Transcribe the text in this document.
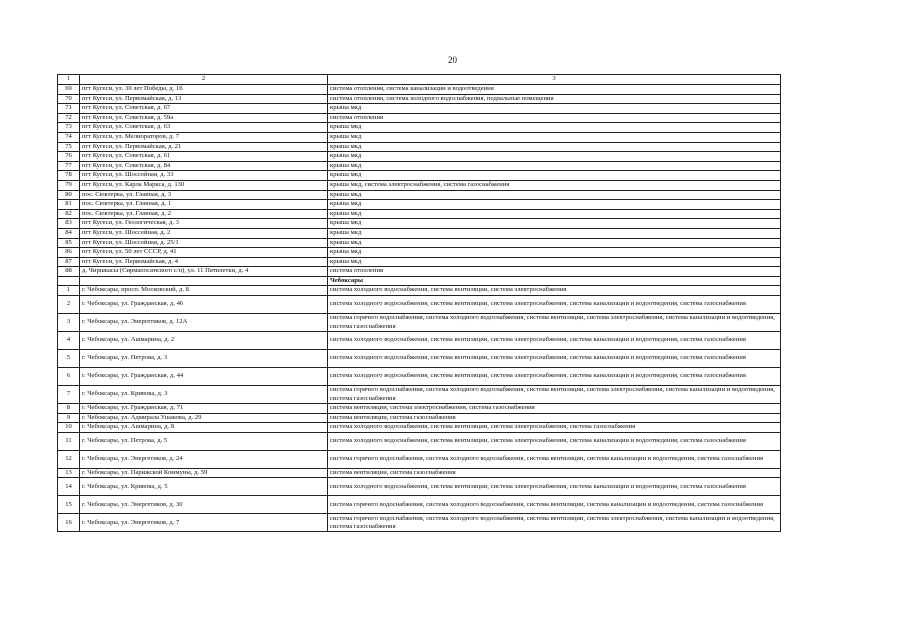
20
1	2	3
69	пгт Кугеси, ул. 30 лет Победы, д. 1б	система отопления, система канализации и водоотведения
70	пгт Кугеси, ул. Первомайская, д. 13	система отопления, система холодного водоснабжения, подвальные помещения
71	пгт Кугеси, ул. Советская, д. 67	крыша мкд
72	пгт Кугеси, ул. Советская, д. 59а	система отопления
73	пгт Кугеси, ул. Советская, д. 63	крыша мкд
74	пгт Кугеси, ул. Мелиораторов, д. 7	крыша мкд
75	пгт Кугеси, ул. Первомайская, д. 21	крыша мкд
76	пгт Кугеси, ул. Советская, д. 61	крыша мкд
77	пгт Кугеси, ул. Советская, д. 84	крыша мкд
78	пгт Кугеси, ул. Шоссейная, д. 33	крыша мкд
79	пгт Кугеси, ул. Карла Маркса, д. 130	крыша мкд, система электроснабжения, система газоснабжения
80	пос. Сюктерка, ул. Главная, д. 3	крыша мкд
81	пос. Сюктерка, ул. Главная, д. 1	крыша мкд
82	пос. Сюктерка, ул. Главная, д. 2	крыша мкд
83	пгт Кугеси, ул. Геологическая, д. 3	крыша мкд
84	пгт Кугеси, ул. Шоссейная, д. 2	крыша мкд
85	пгт Кугеси, ул. Шоссейная, д. 25/1	крыша мкд
86	пгт Кугеси, ул. 50 лет СССР, д. 41	крыша мкд
87	пгт Кугеси, ул. Первомайская, д. 4	крыша мкд
88	д. Чиршкасы (Сирмапосинского с/п), ул. 11 Пятилетки, д. 4	система отопления
		Чебоксары
1	г. Чебоксары, просп. Московский, д. 8	система холодного водоснабжения, система вентиляции, система электроснабжения
2	г. Чебоксары, ул. Гражданская, д. 46	система холодного водоснабжения, система вентиляции, система электроснабжения, система канализации и водоотведения, система газоснабжения
3	г. Чебоксары, ул. Энергетиков, д. 12А	система горячего водоснабжения, система холодного водоснабжения, система вентиляции, система электроснабжения, система канализации и водоотведения, система газоснабжения
4	г. Чебоксары, ул. Ашмарина, д. 2	система холодного водоснабжения, система вентиляции, система электроснабжения, система канализации и водоотведения, система газоснабжения
5	г. Чебоксары, ул. Петрова, д. 3	система холодного водоснабжения, система вентиляции, система электроснабжения, система канализации и водоотведения, система газоснабжения
6	г. Чебоксары, ул. Гражданская, д. 44	система холодного водоснабжения, система вентиляции, система электроснабжения, система канализации и водоотведения, система газоснабжения
7	г. Чебоксары, ул. Кривова, д. 3	система горячего водоснабжения, система холодного водоснабжения, система вентиляции, система электроснабжения, система канализации и водоотведения, система газоснабжения
8	г. Чебоксары, ул. Гражданская, д. 71	система вентиляции, система электроснабжения, система газоснабжения
9	г. Чебоксары, ул. Адмирала Ушакова, д. 29	система вентиляции, система газоснабжения
10	г. Чебоксары, ул. Ашмарина, д. 8	система холодного водоснабжения, система вентиляции, система электроснабжения, система газоснабжения
11	г. Чебоксары, ул. Петрова, д. 5	система холодного водоснабжения, система вентиляции, система электроснабжения, система канализации и водоотведения, система газоснабжения
12	г. Чебоксары, ул. Энергетиков, д. 24	система горячего водоснабжения, система холодного водоснабжения, система вентиляции, система канализации и водоотведения, система газоснабжения
13	г. Чебоксары, ул. Парижской Коммуны, д. 59	система вентиляции, система газоснабжения
14	г. Чебоксары, ул. Кривова, д. 5	система холодного водоснабжения, система вентиляции, система электроснабжения, система канализации и водоотведения, система газоснабжения
15	г. Чебоксары, ул. Энергетиков, д. 30	система горячего водоснабжения, система холодного водоснабжения, система вентиляции, система канализации и водоотведения, система газоснабжения
16	г. Чебоксары, ул. Энергетиков, д. 7	система горячего водоснабжения, система холодного водоснабжения, система вентиляции, система электроснабжения, система канализации и водоотведения, система газоснабжения
